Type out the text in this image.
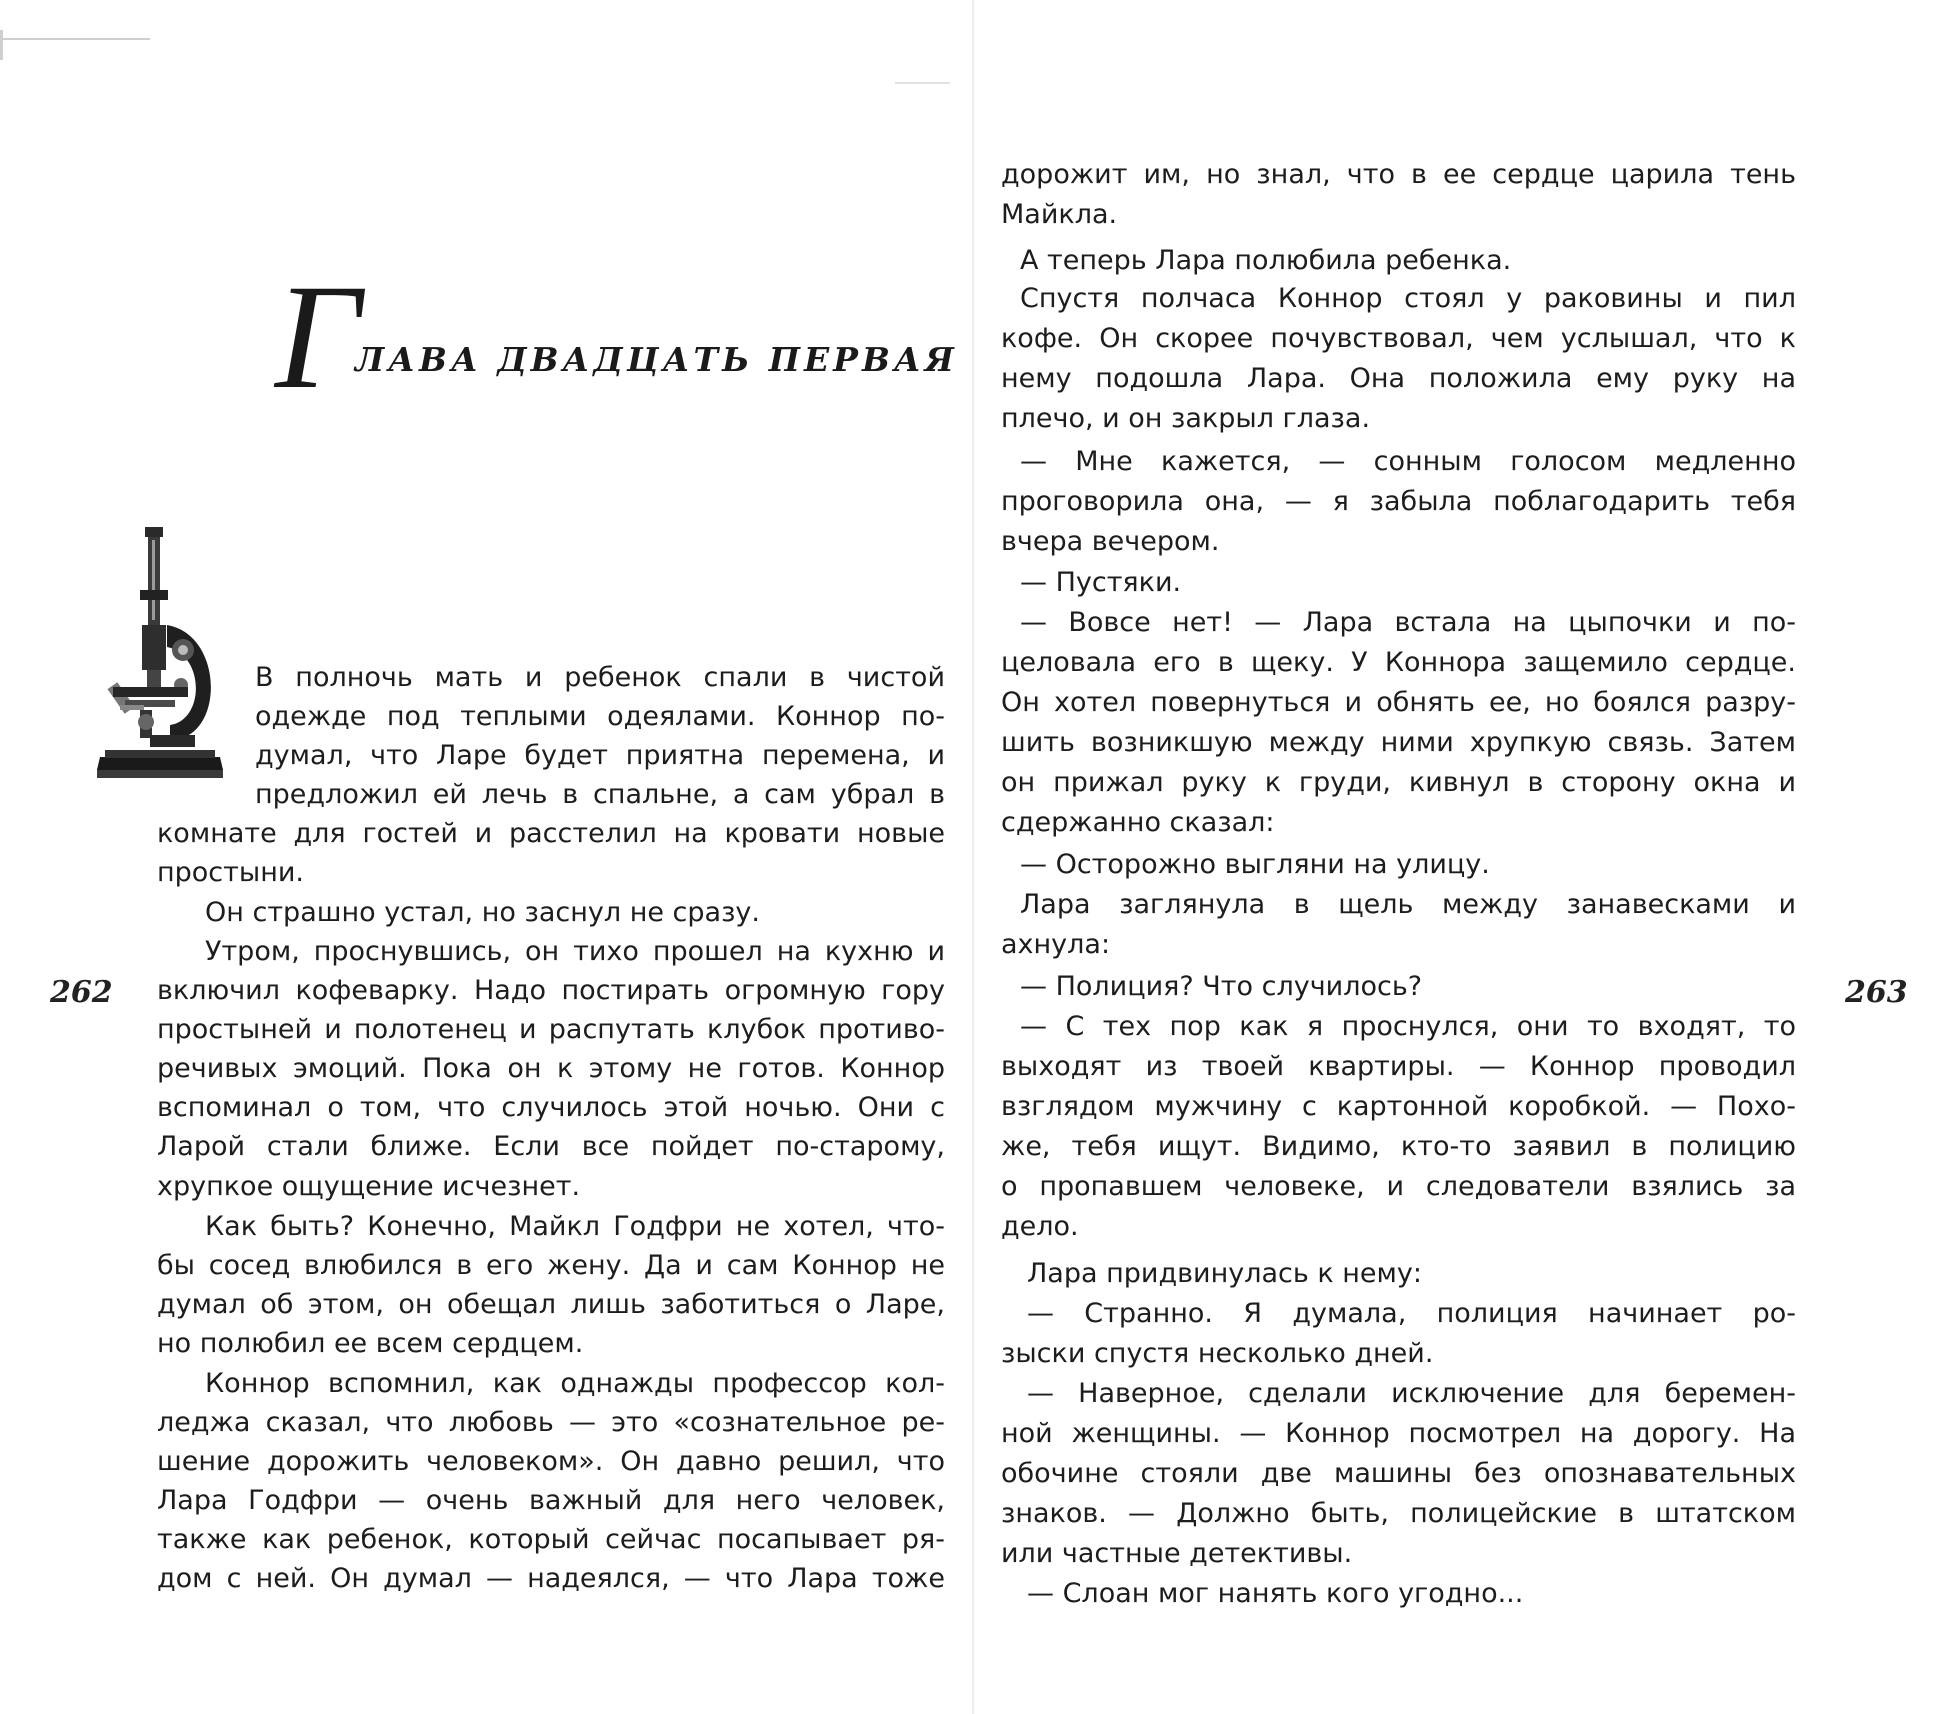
262
Г
ЛАВА ДВАДЦАТЬ ПЕРВАЯ
В полночь мать и ребенок спали в чистой
одежде под теплыми одеялами. Коннор по-
думал, что Ларе будет приятна перемена, и
предложил ей лечь в спальне, а сам убрал в
комнате для гостей и расстелил на кровати новые
простыни.
Он страшно устал, но заснул не сразу.
Утром, проснувшись, он тихо прошел на кухню и
включил кофеварку. Надо постирать огромную гору
простыней и полотенец и распутать клубок противо-
речивых эмоций. Пока он к этому не готов. Коннор
вспоминал о том, что случилось этой ночью. Они с
Ларой стали ближе. Если все пойдет по-старому,
хрупкое ощущение исчезнет.
Как быть? Конечно, Майкл Годфри не хотел, что-
бы сосед влюбился в его жену. Да и сам Коннор не
думал об этом, он обещал лишь заботиться о Ларе,
но полюбил ее всем сердцем.
Коннор вспомнил, как однажды профессор кол-
леджа сказал, что любовь — это «сознательное ре-
шение дорожить человеком». Он давно решил, что
Лара Годфри — очень важный для него человек,
также как ребенок, который сейчас посапывает ря-
дом с ней. Он думал — надеялся, — что Лара тоже
263
дорожит им, но знал, что в ее сердце царила тень
Майкла.
А теперь Лара полюбила ребенка.
Спустя полчаса Коннор стоял у раковины и пил
кофе. Он скорее почувствовал, чем услышал, что к
нему подошла Лара. Она положила ему руку на
плечо, и он закрыл глаза.
— Мне кажется, — сонным голосом медленно
проговорила она, — я забыла поблагодарить тебя
вчера вечером.
— Пустяки.
— Вовсе нет! — Лара встала на цыпочки и по-
целовала его в щеку. У Коннора защемило сердце.
Он хотел повернуться и обнять ее, но боялся разру-
шить возникшую между ними хрупкую связь. Затем
он прижал руку к груди, кивнул в сторону окна и
сдержанно сказал:
— Осторожно выгляни на улицу.
Лара заглянула в щель между занавесками и
ахнула:
— Полиция? Что случилось?
— С тех пор как я проснулся, они то входят, то
выходят из твоей квартиры. — Коннор проводил
взглядом мужчину с картонной коробкой. — Похо-
же, тебя ищут. Видимо, кто-то заявил в полицию
о пропавшем человеке, и следователи взялись за
дело.
Лара придвинулась к нему:
— Странно. Я думала, полиция начинает ро-
зыски спустя несколько дней.
— Наверное, сделали исключение для беремен-
ной женщины. — Коннор посмотрел на дорогу. На
обочине стояли две машины без опознавательных
знаков. — Должно быть, полицейские в штатском
или частные детективы.
— Слоан мог нанять кого угодно...
